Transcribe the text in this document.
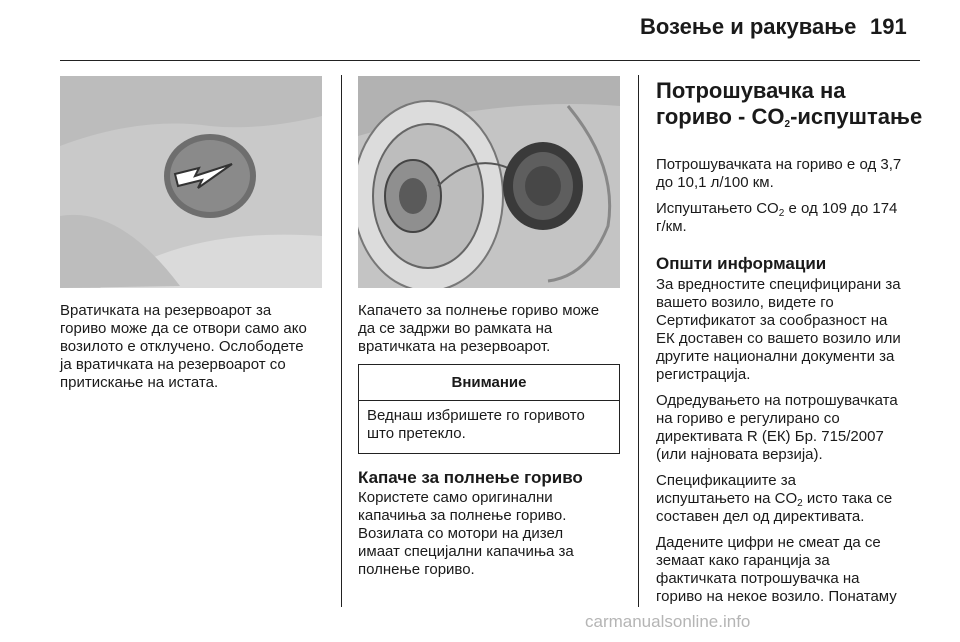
Возење и ракување 191
Вратичката на резервоарот за
гориво може да се отвори само ако
возилото е отклучено. Ослободете
ја вратичката на резервоарот со
притискање на истата.
Капачето за полнење гориво може
да се задржи во рамката на
вратичката на резервоарот.
Внимание
Веднаш избришете го горивото
што претекло.
Капаче за полнење гориво
Користете само оригинални
капачиња за полнење гориво.
Возилата со мотори на дизел
имаат специјални капачиња за
полнење гориво.
Потрошувачка на
гориво - $CO_2$-испуштање
Потрошувачката на гориво е од 3,7
до 10,1 л/100 км.
Испуштањето $CO_2$ е од 109 до 174
г/км.
Општи информации
За вредностите специфицирани за
вашето возило, видете го
Сертификатот за сообразност на
ЕК доставен со вашето возило или
другите национални документи за
регистрација.
Одредувањето на потрошувачката
на гориво е регулирано со
директивата R (ЕК) Бр. 715/2007
(или најновата верзија).
Спецификациите за
испуштањето на $CO_2$ исто така се
составен дел од директивата.
Дадените цифри не смеат да се
земаат како гаранција за
фактичката потрошувачка на
гориво на некое возило. Понатаму
carmanualsonline.info
